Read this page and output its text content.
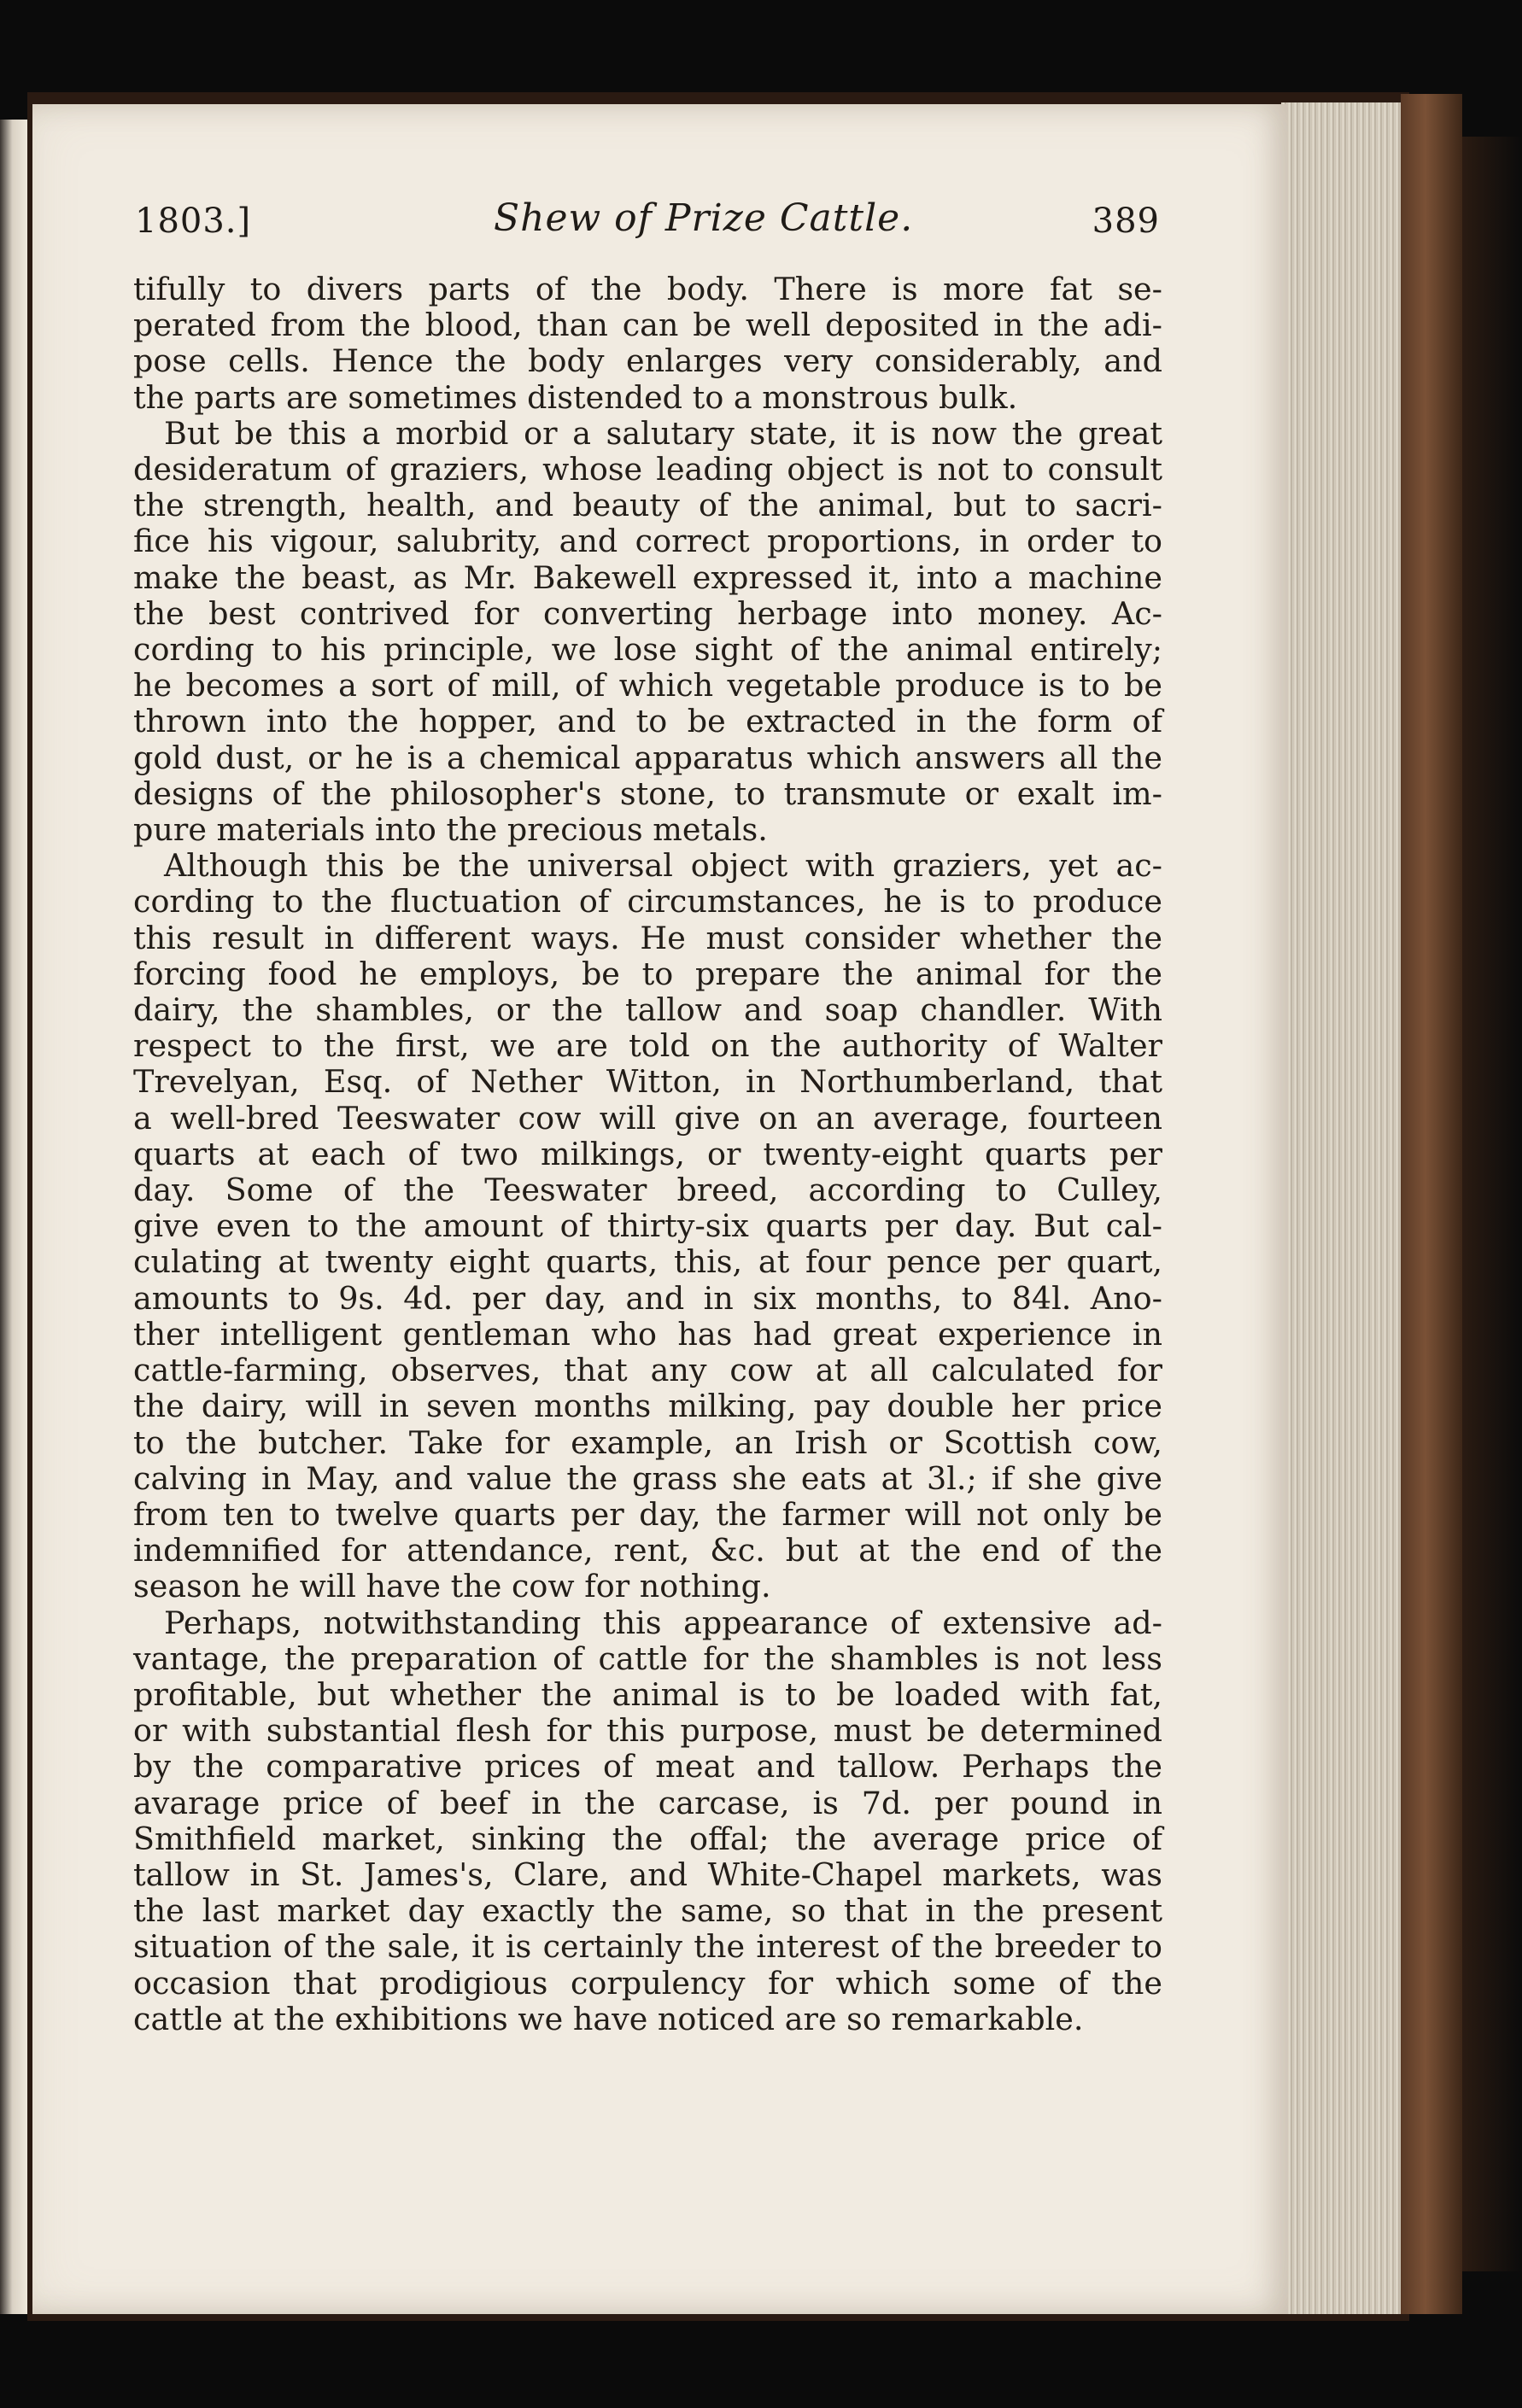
1803.]	Shew of Prize Cattle.	389
tifully to divers parts of the body. There is more fat se-
perated from the blood, than can be well deposited in the adi-
pose cells. Hence the body enlarges very considerably, and
the parts are sometimes distended to a monstrous bulk.
But be this a morbid or a salutary state, it is now the great
desideratum of graziers, whose leading object is not to consult
the strength, health, and beauty of the animal, but to sacri-
fice his vigour, salubrity, and correct proportions, in order to
make the beast, as Mr. Bakewell expressed it, into a machine
the best contrived for converting herbage into money. Ac-
cording to his principle, we lose sight of the animal entirely;
he becomes a sort of mill, of which vegetable produce is to be
thrown into the hopper, and to be extracted in the form of
gold dust, or he is a chemical apparatus which answers all the
designs of the philosopher's stone, to transmute or exalt im-
pure materials into the precious metals.
Although this be the universal object with graziers, yet ac-
cording to the fluctuation of circumstances, he is to produce
this result in different ways. He must consider whether the
forcing food he employs, be to prepare the animal for the
dairy, the shambles, or the tallow and soap chandler. With
respect to the first, we are told on the authority of Walter
Trevelyan, Esq. of Nether Witton, in Northumberland, that
a well-bred Teeswater cow will give on an average, fourteen
quarts at each of two milkings, or twenty-eight quarts per
day. Some of the Teeswater breed, according to Culley,
give even to the amount of thirty-six quarts per day. But cal-
culating at twenty eight quarts, this, at four pence per quart,
amounts to 9s. 4d. per day, and in six months, to 84l. Ano-
ther intelligent gentleman who has had great experience in
cattle-farming, observes, that any cow at all calculated for
the dairy, will in seven months milking, pay double her price
to the butcher. Take for example, an Irish or Scottish cow,
calving in May, and value the grass she eats at 3l.; if she give
from ten to twelve quarts per day, the farmer will not only be
indemnified for attendance, rent, &c. but at the end of the
season he will have the cow for nothing.
Perhaps, notwithstanding this appearance of extensive ad-
vantage, the preparation of cattle for the shambles is not less
profitable, but whether the animal is to be loaded with fat,
or with substantial flesh for this purpose, must be determined
by the comparative prices of meat and tallow. Perhaps the
avarage price of beef in the carcase, is 7d. per pound in
Smithfield market, sinking the offal; the average price of
tallow in St. James's, Clare, and White-Chapel markets, was
the last market day exactly the same, so that in the present
situation of the sale, it is certainly the interest of the breeder to
occasion that prodigious corpulency for which some of the
cattle at the exhibitions we have noticed are so remarkable.
